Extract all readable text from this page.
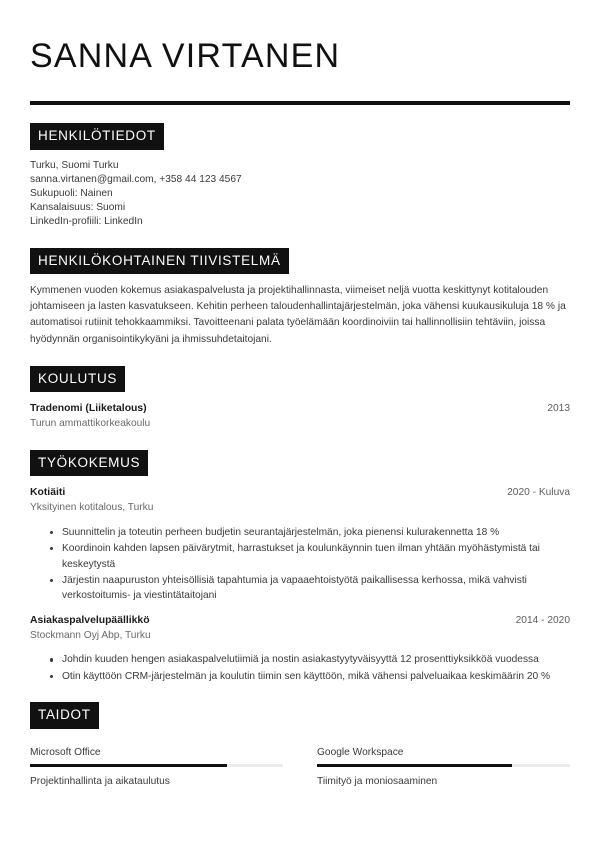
SANNA VIRTANEN
HENKILÖTIEDOT
Turku, Suomi Turku
sanna.virtanen@gmail.com, +358 44 123 4567
Sukupuoli: Nainen
Kansalaisuus: Suomi
LinkedIn-profiili: LinkedIn
HENKILÖKOHTAINEN TIIVISTELMÄ

Kymmenen vuoden kokemus asiakaspalvelusta ja projektihallinnasta, viimeiset neljä vuotta keskittynyt kotitalouden johtamiseen ja lasten kasvatukseen. Kehitin perheen taloudenhallintajärjestelmän, joka vähensi kuukausikuluja 18 % ja automatisoi rutiinit tehokkaammiksi. Tavoitteenani palata työelämään koordinoiviin tai hallinnollisiin tehtäviin, joissa hyödynnän organisointikykyäni ja ihmissuhdetaitojani.

KOULUTUS
Tradenomi (Liiketalous)	2013
Turun ammattikorkeakoulu
TYÖKOKEMUS
Kotiäiti	2020 - Kuluva
Yksityinen kotitalous, Turku
Suunnittelin ja toteutin perheen budjetin seurantajärjestelmän, joka pienensi kulurakennetta 18 %
Koordinoin kahden lapsen päivärytmit, harrastukset ja koulunkäynnin tuen ilman yhtään myöhästymistä tai keskeytystä
Järjestin naapuruston yhteisöllisiä tapahtumia ja vapaaehtoistyötä paikallisessa kerhossa, mikä vahvisti verkostoitumis- ja viestintätaitojani
Asiakaspalvelupäällikkö	2014 - 2020
Stockmann Oyj Abp, Turku
Johdin kuuden hengen asiakaspalvelutiimiä ja nostin asiakastyytyväisyyttä 12 prosenttiyksikköä vuodessa
Otin käyttöön CRM-järjestelmän ja koulutin tiimin sen käyttöön, mikä vähensi palveluaikaa keskimäärin 20 %
TAIDOT
Microsoft Office	Google Workspace
Projektinhallinta ja aikataulutus	Tiimityö ja moniosaaminen
